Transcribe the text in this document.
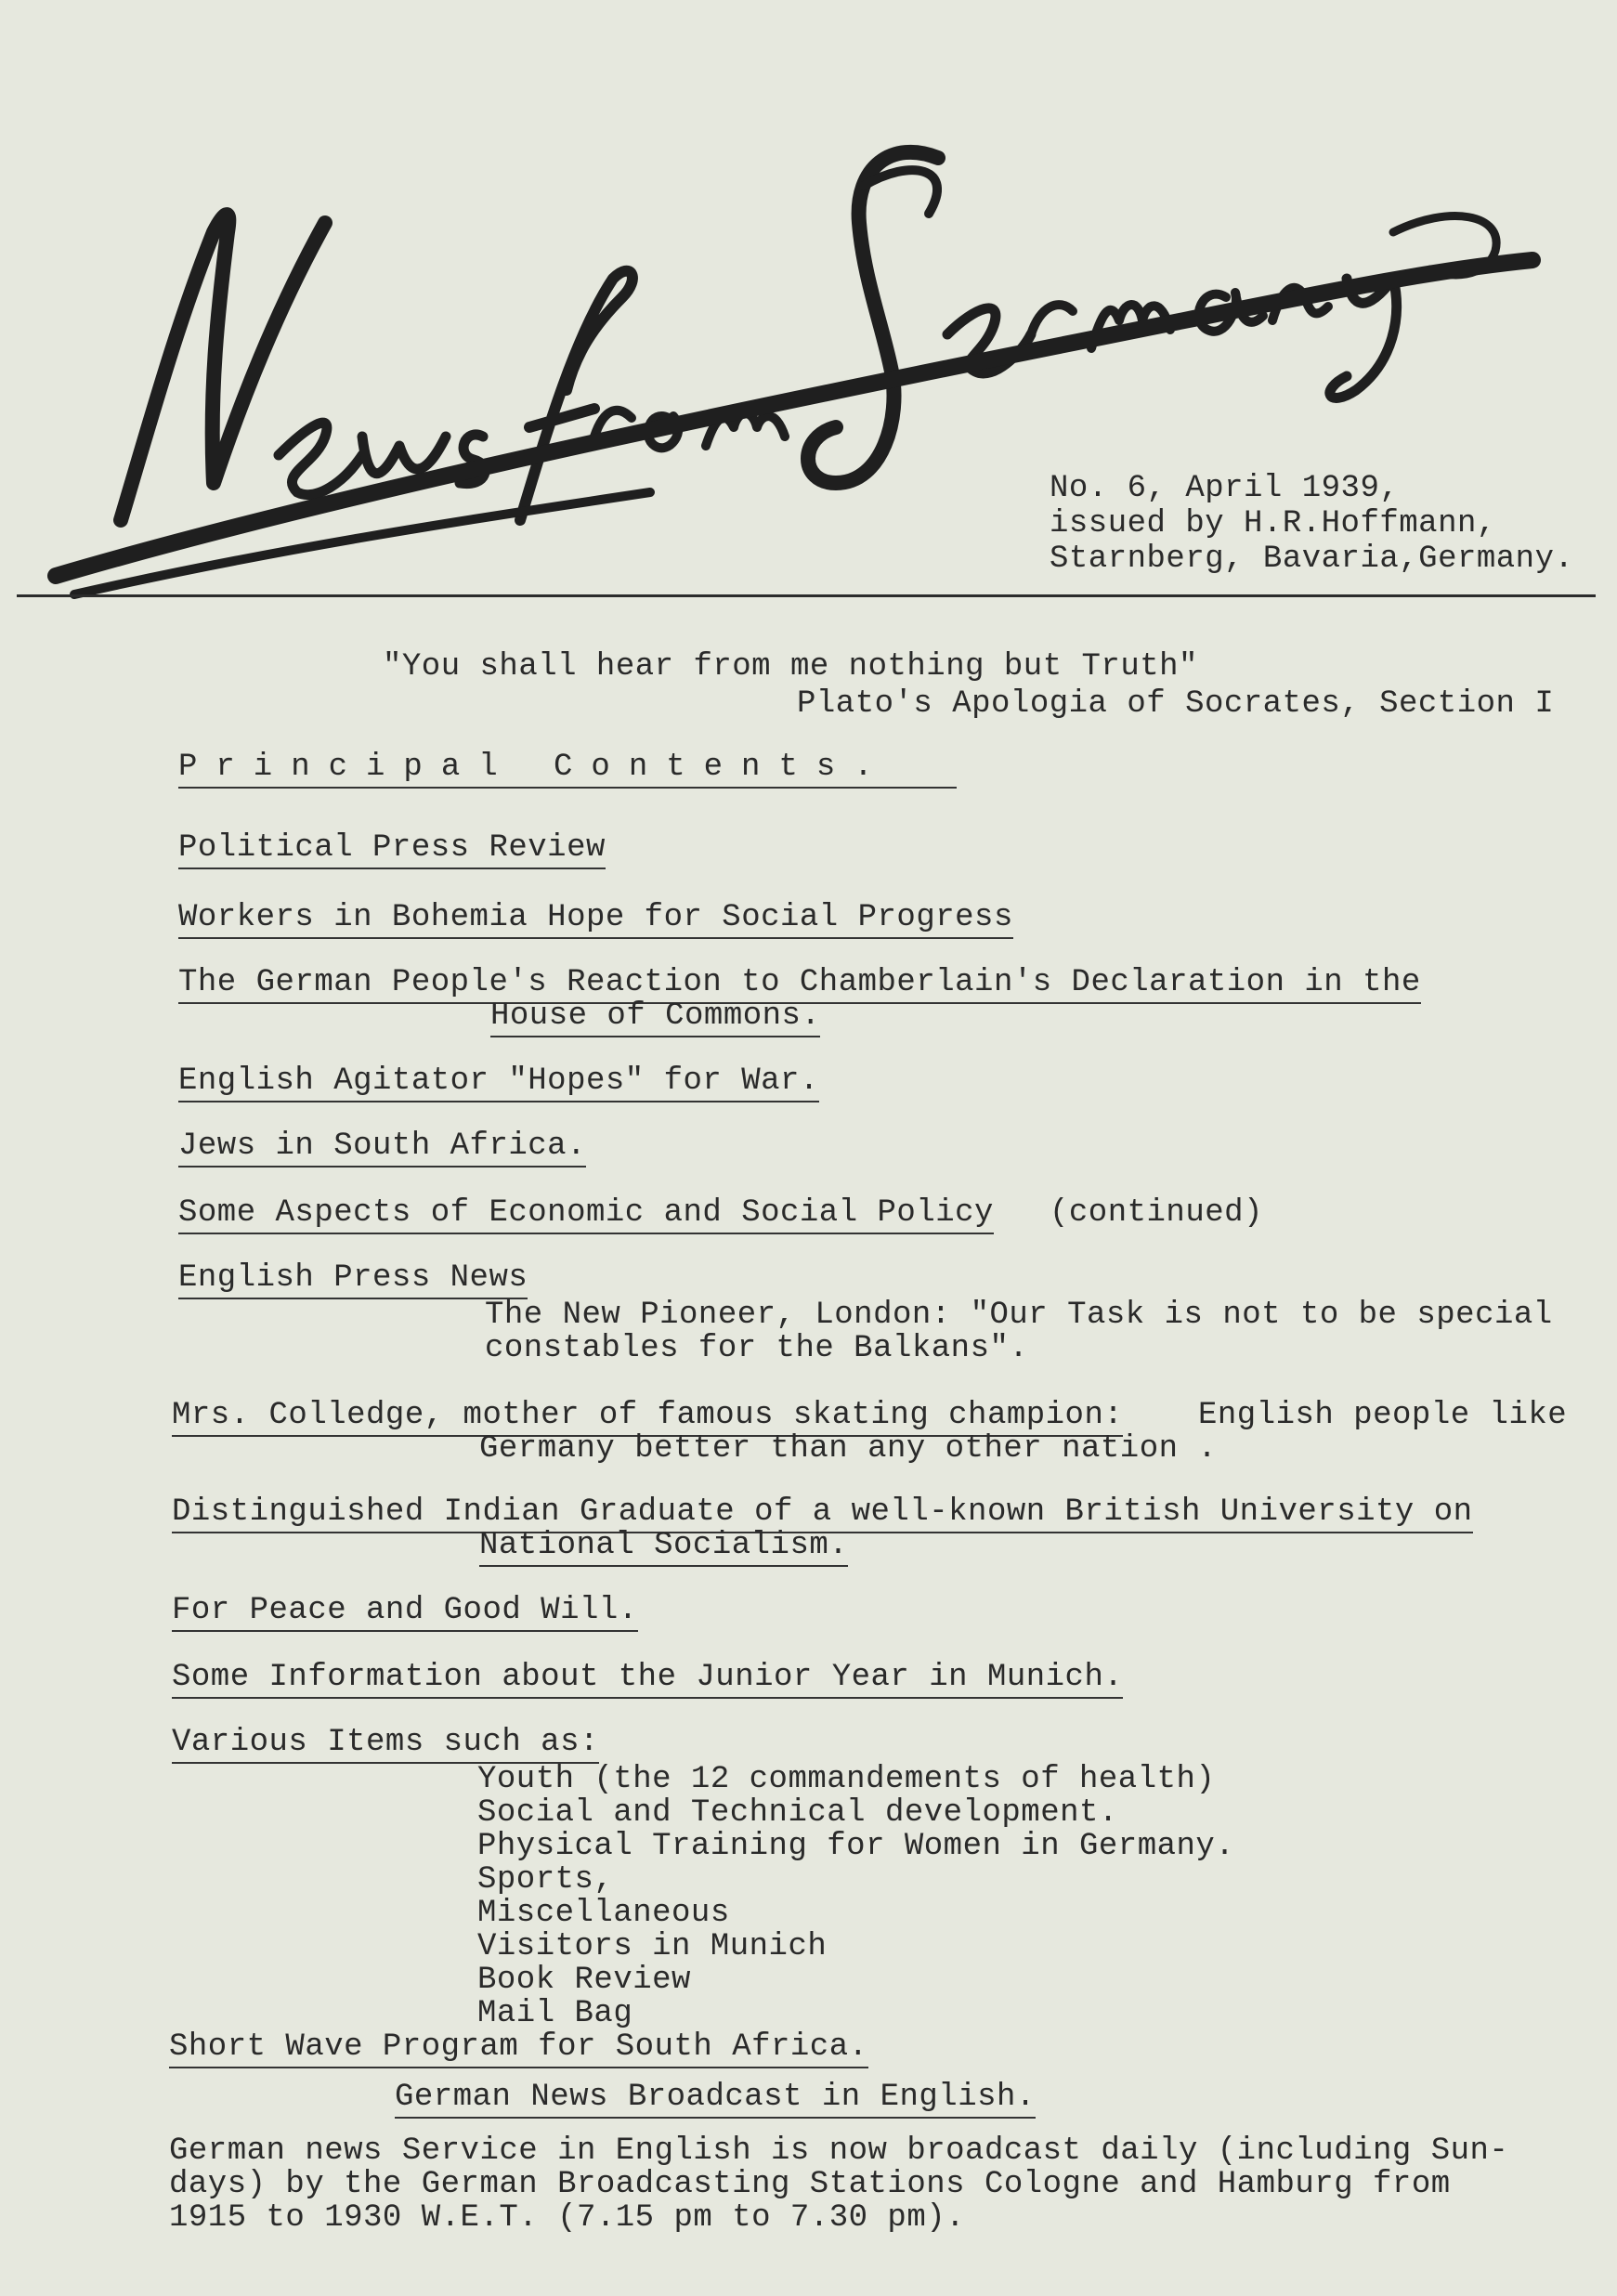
News from Germany
No. 6, April 1939,
issued by H.R.Hoffmann,
Starnberg, Bavaria,Germany.
"You shall hear from me nothing but Truth"
Plato's Apologia of Socrates, Section I
Principal Contents.
Political Press Review
Workers in Bohemia Hope for Social Progress
The German People's Reaction to Chamberlain's Declaration in the
House of Commons.
English Agitator "Hopes" for War.
Jews in South Africa.
Some Aspects of Economic and Social Policy (continued)
English Press News
The New Pioneer, London: "Our Task is not to be special
constables for the Balkans".
Mrs. Colledge, mother of famous skating champion: English people like
Germany better than any other nation .
Distinguished Indian Graduate of a well-known British University on
National Socialism.
For Peace and Good Will.
Some Information about the Junior Year in Munich.
Various Items such as:
Youth (the 12 commandements of health)
Social and Technical development.
Physical Training for Women in Germany.
Sports,
Miscellaneous
Visitors in Munich
Book Review
Mail Bag
Short Wave Program for South Africa.
German News Broadcast in English.
German news Service in English is now broadcast daily (including Sun-
days) by the German Broadcasting Stations Cologne and Hamburg from
1915 to 1930 W.E.T. (7.15 pm to 7.30 pm).
